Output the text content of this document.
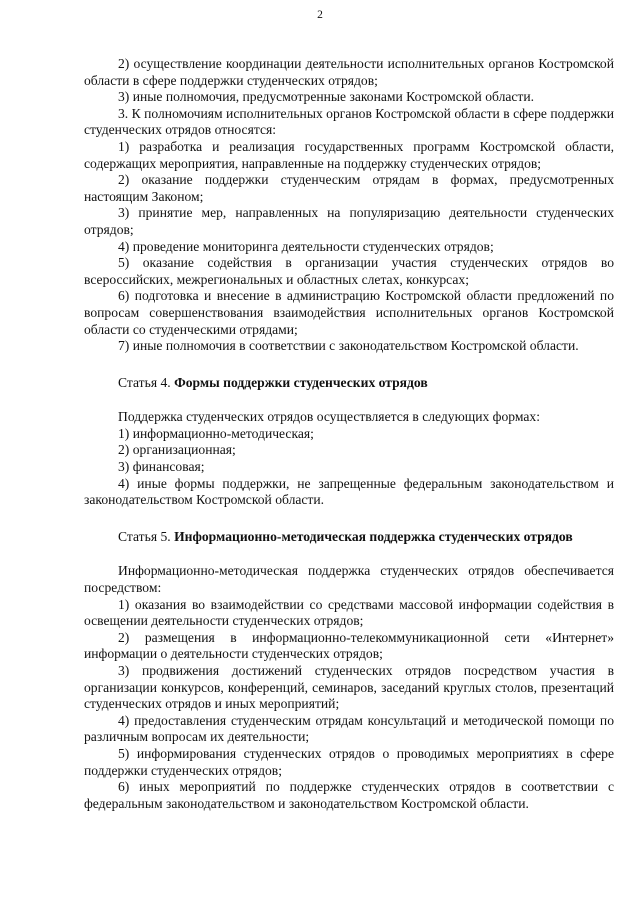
2

2) осуществление координации деятельности исполнительных органов Костромской области в сфере поддержки студенческих отрядов;

3) иные полномочия, предусмотренные законами Костромской области.

3. К полномочиям исполнительных органов Костромской области в сфере поддержки студенческих отрядов относятся:

1) разработка и реализация государственных программ Костромской области, содержащих мероприятия, направленные на поддержку студенческих отрядов;

2) оказание поддержки студенческим отрядам в формах, предусмотренных настоящим Законом;

3) принятие мер, направленных на популяризацию деятельности студенческих отрядов;

4) проведение мониторинга деятельности студенческих отрядов;

5) оказание содействия в организации участия студенческих отрядов во всероссийских, межрегиональных и областных слетах, конкурсах;

6) подготовка и внесение в администрацию Костромской области предложений по вопросам совершенствования взаимодействия исполнительных органов Костромской области со студенческими отрядами;

7) иные полномочия в соответствии с законодательством Костромской области.

Статья 4. Формы поддержки студенческих отрядов

Поддержка студенческих отрядов осуществляется в следующих формах:

1) информационно-методическая;

2) организационная;

3) финансовая;

4) иные формы поддержки, не запрещенные федеральным законодательством и законодательством Костромской области.

Статья 5. Информационно-методическая поддержка студенческих отрядов

Информационно-методическая поддержка студенческих отрядов обеспечивается посредством:

1) оказания во взаимодействии со средствами массовой информации содействия в освещении деятельности студенческих отрядов;

2) размещения в информационно-телекоммуникационной сети «Интернет» информации о деятельности студенческих отрядов;

3) продвижения достижений студенческих отрядов посредством участия в организации конкурсов, конференций, семинаров, заседаний круглых столов, презентаций студенческих отрядов и иных мероприятий;

4) предоставления студенческим отрядам консультаций и методической помощи по различным вопросам их деятельности;

5) информирования студенческих отрядов о проводимых мероприятиях в сфере поддержки студенческих отрядов;

6) иных мероприятий по поддержке студенческих отрядов в соответствии с федеральным законодательством и законодательством Костромской области.
